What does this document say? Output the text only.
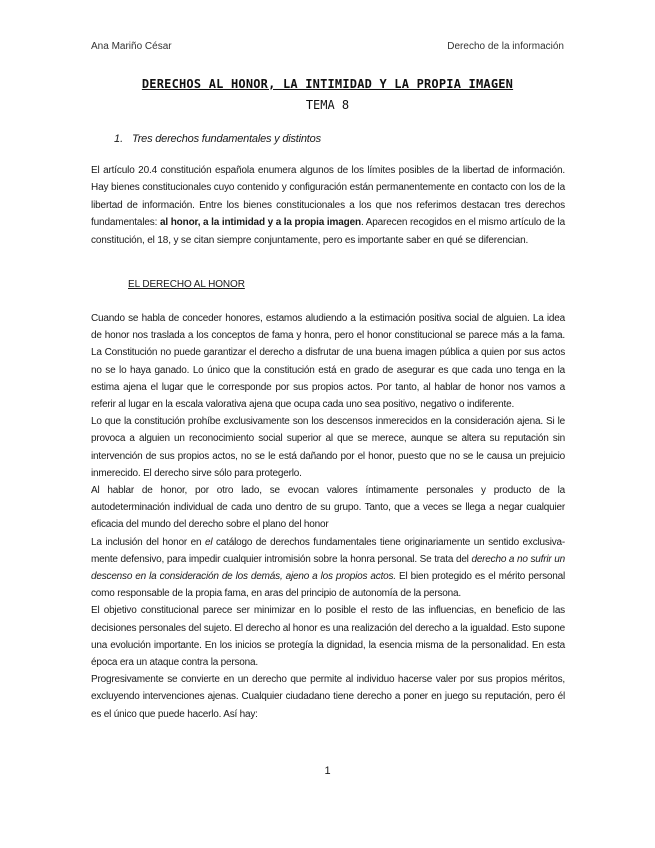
Ana Mariño César	Derecho de la información
DERECHOS AL HONOR, LA INTIMIDAD Y LA PROPIA IMAGEN
TEMA 8
1. Tres derechos fundamentales y distintos
El artículo 20.4 constitución española enumera algunos de los límites posibles de la libertad de información. Hay bienes constitucionales cuyo contenido y configuración están permanentemente en contacto con los de la libertad de información. Entre los bienes constitucionales a los que nos referimos destacan tres derechos fundamentales: al honor, a la intimidad y a la propia imagen. Aparecen recogidos en el mismo artículo de la constitución, el 18, y se citan siempre conjuntamente, pero es importante saber en qué se diferencian.
EL DERECHO AL HONOR

Cuando se habla de conceder honores, estamos aludiendo a la estimación positiva social de alguien. La idea de honor nos traslada a los conceptos de fama y honra, pero el honor constitucional se parece más a la fama. La Constitución no puede garantizar el derecho a disfrutar de una buena imagen pública a quien por sus actos no se lo haya ganado. Lo único que la constitución está en grado de asegurar es que cada uno tenga en la estima ajena el lugar que le corresponde por sus propios actos. Por tanto, al hablar de honor nos vamos a referir al lugar en la escala valorativa ajena que ocupa cada uno sea positivo, negativo o indiferente.

Lo que la constitución prohíbe exclusivamente son los descensos inmerecidos en la consideración ajena. Si le provoca a alguien un reconocimiento social superior al que se merece, aunque se altera su reputación sin intervención de sus propios actos, no se le está dañando por el honor, puesto que no se le causa un prejuicio inmerecido. El derecho sirve sólo para protegerlo.

Al hablar de honor, por otro lado, se evocan valores íntimamente personales y producto de la autodeterminación individual de cada uno dentro de su grupo. Tanto, que a veces se llega a negar cualquier eficacia del mundo del derecho sobre el plano del honor

La inclusión del honor en el catálogo de derechos fundamentales tiene originariamente un sentido exclusiva- mente defensivo, para impedir cualquier intromisión sobre la honra personal. Se trata del derecho a no sufrir un descenso en la consideración de los demás, ajeno a los propios actos. El bien protegido es el mérito personal como responsable de la propia fama, en aras del principio de autonomía de la persona.

El objetivo constitucional parece ser minimizar en lo posible el resto de las influencias, en beneficio de las decisiones personales del sujeto. El derecho al honor es una realización del derecho a la igualdad. Esto supone una evolución importante. En los inicios se protegía la dignidad, la esencia misma de la personalidad. En esta época era un ataque contra la persona.

Progresivamente se convierte en un derecho que permite al individuo hacerse valer por sus propios méritos, excluyendo intervenciones ajenas. Cualquier ciudadano tiene derecho a poner en juego su reputación, pero él es el único que puede hacerlo. Así hay:

1
